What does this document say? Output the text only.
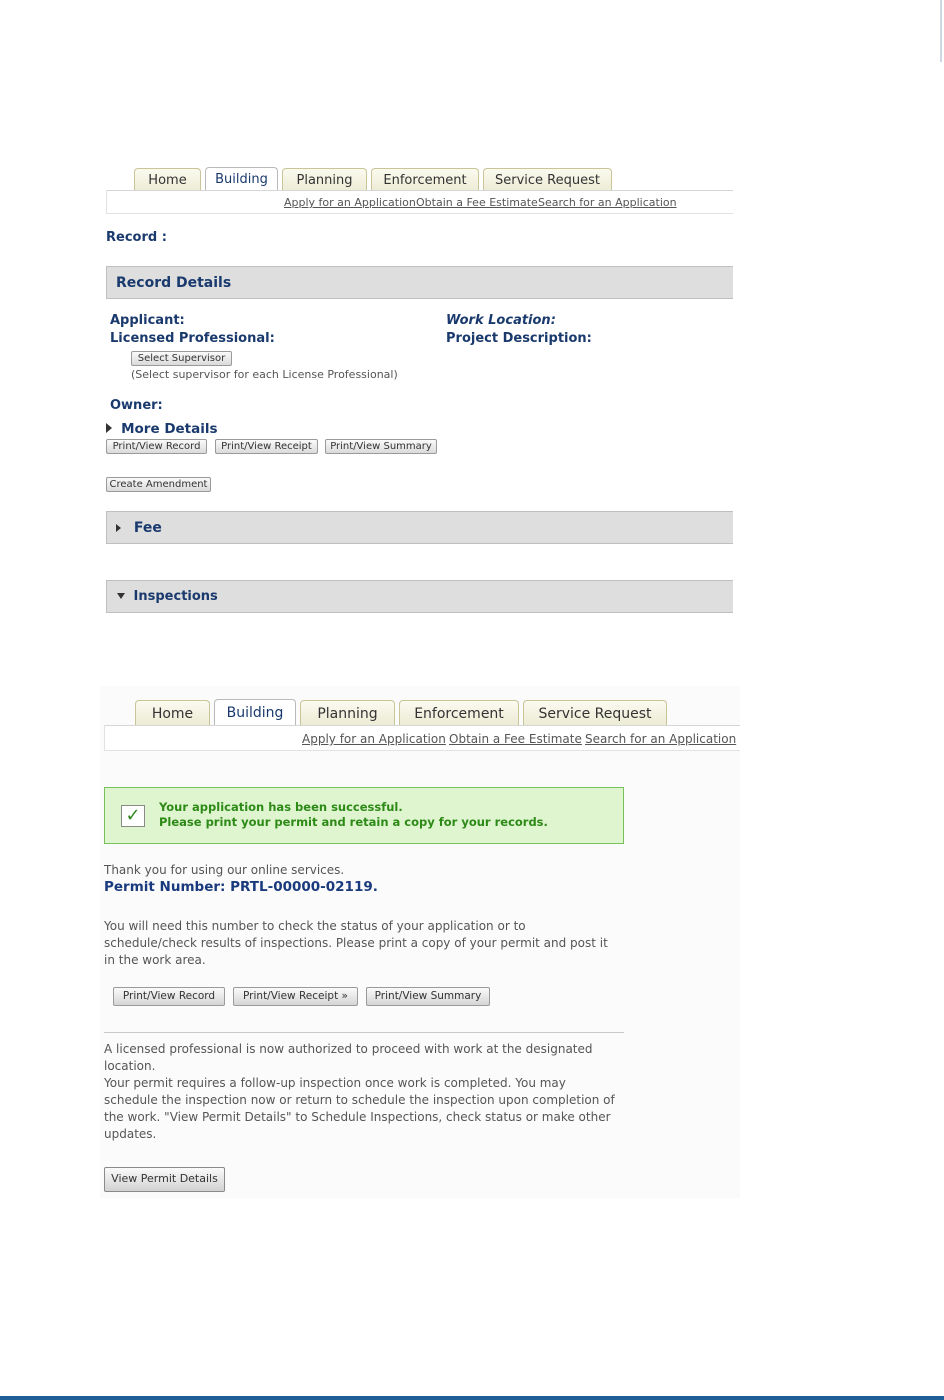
Home	Building	Planning	Enforcement	Service Request
Apply for an Application Obtain a Fee Estimate Search for an Application
Record :
Record Details
Applicant:
Licensed Professional:
Select Supervisor
(Select supervisor for each License Professional)
Work Location:
Project Description:
Owner:
More Details
Print/View Record	Print/View Receipt	Print/View Summary
Create Amendment
Fee
Inspections
Home	Building	Planning	Enforcement	Service Request
Apply for an Application Obtain a Fee Estimate Search for an Application
✓	Your application has been successful.
Please print your permit and retain a copy for your records.
Thank you for using our online services.
Permit Number: PRTL-00000-02119.
You will need this number to check the status of your application or to
schedule/check results of inspections. Please print a copy of your permit and post it
in the work area.
Print/View Record	Print/View Receipt »	Print/View Summary
A licensed professional is now authorized to proceed with work at the designated
location.
Your permit requires a follow-up inspection once work is completed. You may
schedule the inspection now or return to schedule the inspection upon completion of
the work. "View Permit Details" to Schedule Inspections, check status or make other
updates.
View Permit Details
